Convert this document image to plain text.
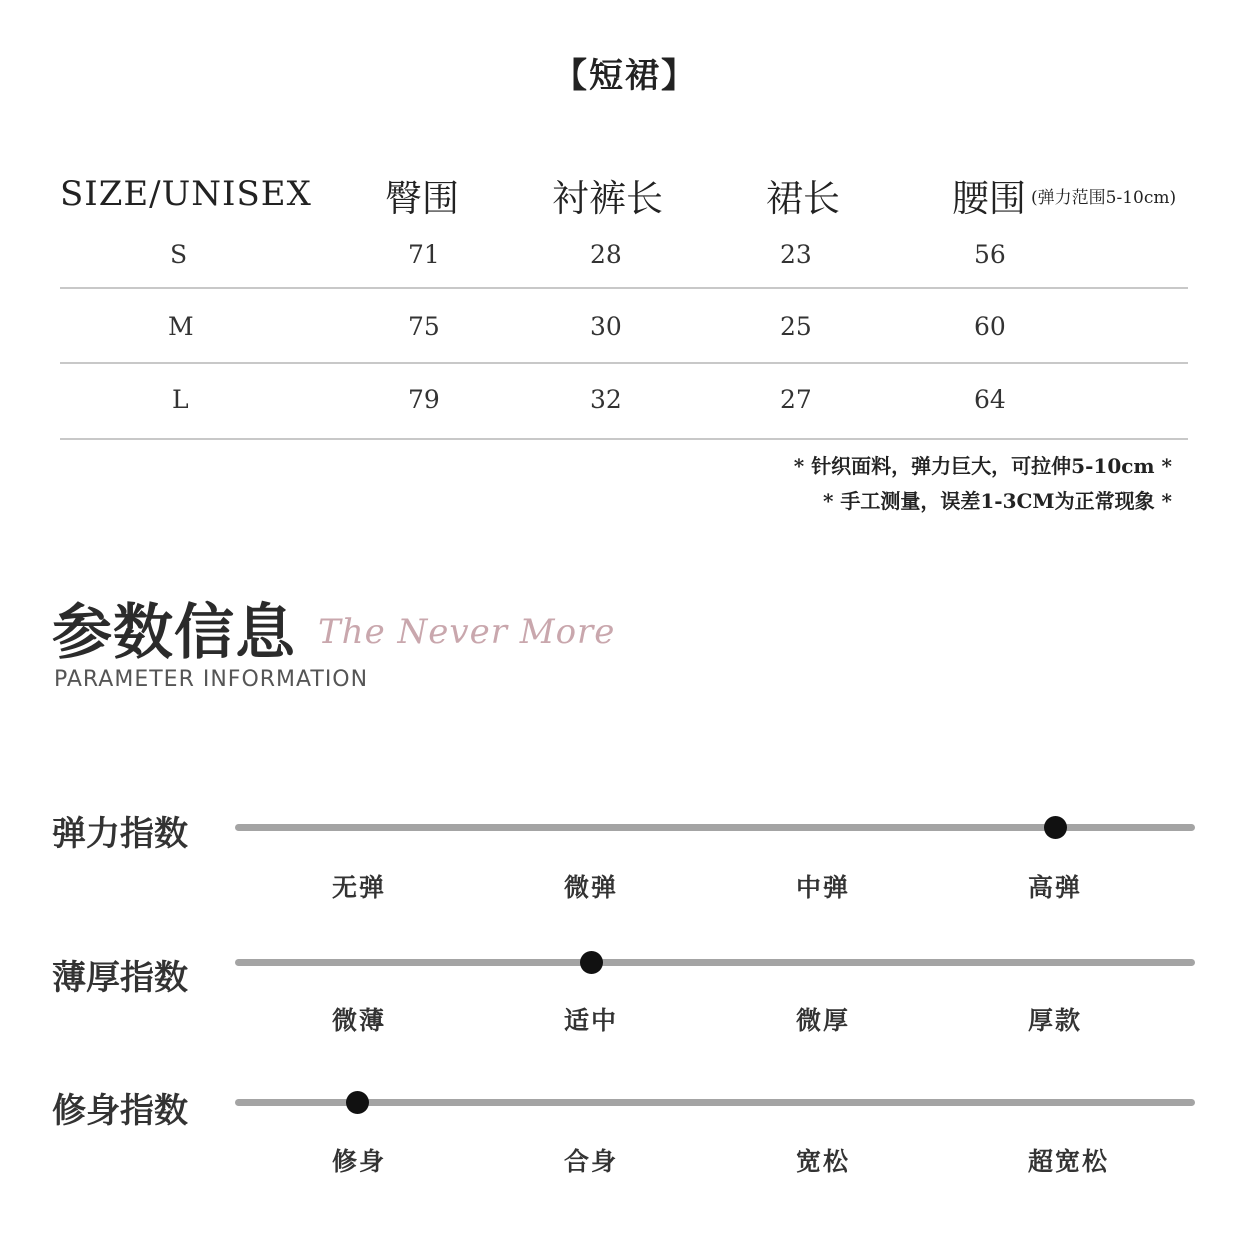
【短裙】
SIZE/UNISEX 臀围	衬裤长	裙长	腰围 (弹力范围5-10cm)
S	71	28	23	56
M	75	30	25	60
L	79	32	27	64
* 针织面料，弹力巨大，可拉伸5-10cm *
* 手工测量，误差1-3CM为正常现象 *
参数信息 The Never More
PARAMETER INFORMATION
弹力指数
无弹	微弹	中弹	高弹
薄厚指数
微薄	适中	微厚	厚款
修身指数
修身	合身	宽松	超宽松
